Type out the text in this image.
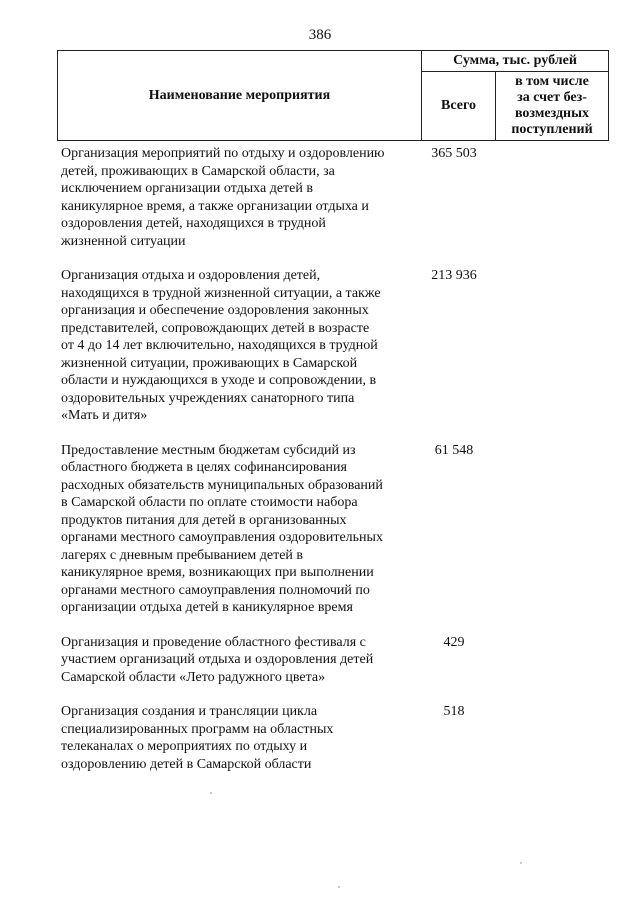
386
Наименование мероприятия	Сумма, тыс. рублей	
	Всего	в том числе
за счет без-
возмездных
поступлений
Организация мероприятий по отдыху и оздоровлению
детей, проживающих в Самарской области, за
исключением организации отдыха детей в
каникулярное время, а также организации отдыха и
оздоровления детей, находящихся в трудной
жизненной ситуации
365 503
Организация отдыха и оздоровления детей,
находящихся в трудной жизненной ситуации, а также
организация и обеспечение оздоровления законных
представителей, сопровождающих детей в возрасте
от 4 до 14 лет включительно, находящихся в трудной
жизненной ситуации, проживающих в Самарской
области и нуждающихся в уходе и сопровождении, в
оздоровительных учреждениях санаторного типа
«Мать и дитя»
213 936
Предоставление местным бюджетам субсидий из
областного бюджета в целях софинансирования
расходных обязательств муниципальных образований
в Самарской области по оплате стоимости набора
продуктов питания для детей в организованных
органами местного самоуправления оздоровительных
лагерях с дневным пребыванием детей в
каникулярное время, возникающих при выполнении
органами местного самоуправления полномочий по
организации отдыха детей в каникулярное время
61 548
Организация и проведение областного фестиваля с
участием организаций отдыха и оздоровления детей
Самарской области «Лето радужного цвета»
429
Организация создания и трансляции цикла
специализированных программ на областных
телеканалах о мероприятиях по отдыху и
оздоровлению детей в Самарской области
518
